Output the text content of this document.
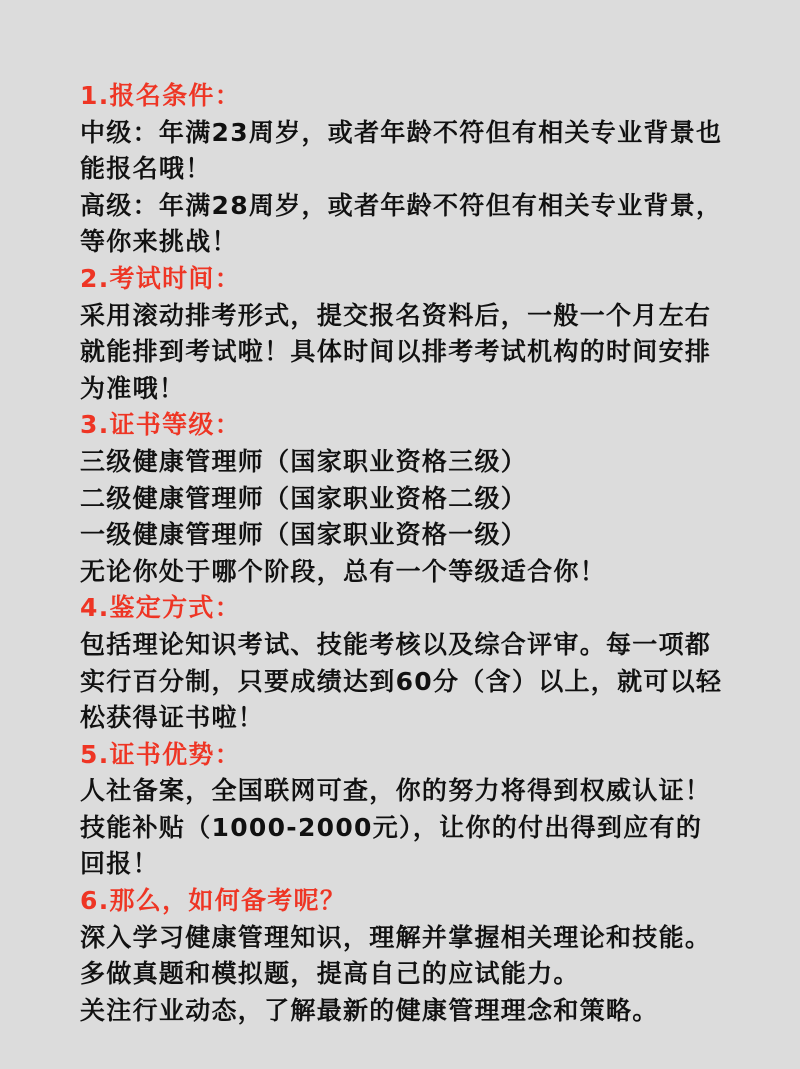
1.报名条件：
中级：年满23周岁，或者年龄不符但有相关专业背景也
能报名哦！
高级：年满28周岁，或者年龄不符但有相关专业背景，
等你来挑战！
2.考试时间：
采用滚动排考形式，提交报名资料后，一般一个月左右
就能排到考试啦！具体时间以排考考试机构的时间安排
为准哦！
3.证书等级：
三级健康管理师（国家职业资格三级）
二级健康管理师（国家职业资格二级）
一级健康管理师（国家职业资格一级）
无论你处于哪个阶段，总有一个等级适合你！
4.鉴定方式：
包括理论知识考试、技能考核以及综合评审。每一项都
实行百分制，只要成绩达到60分（含）以上，就可以轻
松获得证书啦！
5.证书优势：
人社备案，全国联网可查，你的努力将得到权威认证！
技能补贴（1000-2000元），让你的付出得到应有的
回报！
6.那么，如何备考呢？
深入学习健康管理知识，理解并掌握相关理论和技能。
多做真题和模拟题，提高自己的应试能力。
关注行业动态，了解最新的健康管理理念和策略。
